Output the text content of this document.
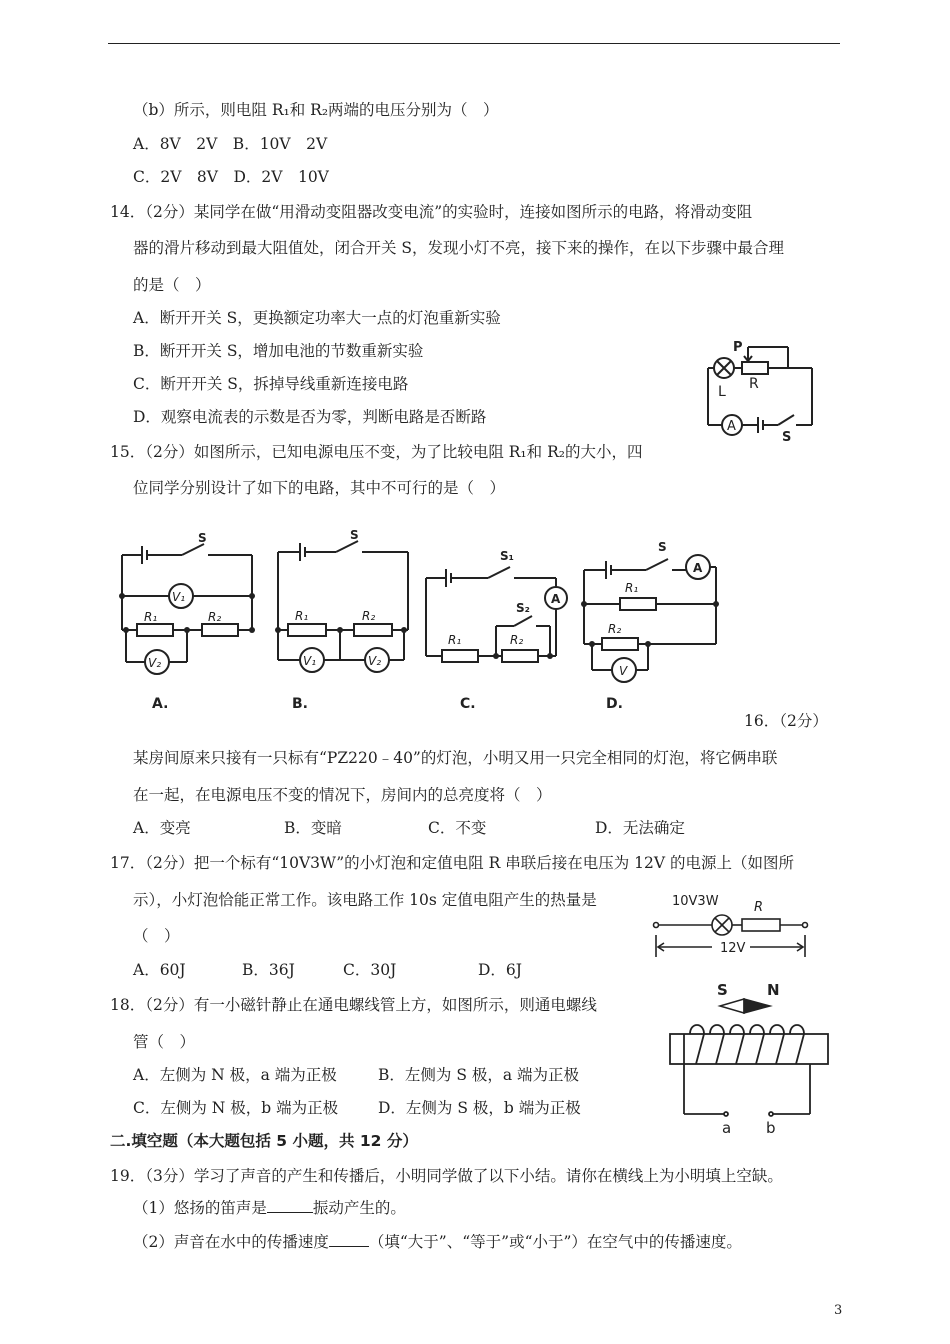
（b）所示，则电阻 R₁和 R₂两端的电压分别为（　）
A．8V　2V　B．10V　2V
C．2V　8V　D．2V　10V
14．（2分）某同学在做“用滑动变阻器改变电流”的实验时，连接如图所示的电路，将滑动变阻
器的滑片移动到最大阻值处，闭合开关 S，发现小灯不亮，接下来的操作，在以下步骤中最合理
的是（　）
A．断开开关 S，更换额定功率大一点的灯泡重新实验
B．断开开关 S，增加电池的节数重新实验
C．断开开关 S，拆掉导线重新连接电路
D．观察电流表的示数是否为零，判断电路是否断路
P
L R
A
S
15．（2分）如图所示，已知电源电压不变，为了比较电阻 R₁和 R₂的大小，四
位同学分别设计了如下的电路，其中不可行的是（　）
S
V₁
V₂
R₁	R₂
A.
S
R₁	R₂
V₁	V₂
B.
S₁
S₂
A
R₁	R₂
C.
S
A
R₁
R₂
V
D.
16．（2分）
某房间原来只接有一只标有“PZ220﹣40”的灯泡，小明又用一只完全相同的灯泡，将它俩串联
在一起，在电源电压不变的情况下，房间内的总亮度将（　）
A．变亮	B．变暗	C．不变	D．无法确定
17．（2分）把一个标有“10V3W”的小灯泡和定值电阻 R 串联后接在电压为 12V 的电源上（如图所
示），小灯泡恰能正常工作。该电路工作 10s 定值电阻产生的热量是
（　）
A．60J	B．36J	C．30J	D．6J
10V3W	R
12V
18．（2分）有一小磁针静止在通电螺线管上方，如图所示，则通电螺线
管（　）
A．左侧为 N 极，a 端为正极	B．左侧为 S 极，a 端为正极
C．左侧为 N 极，b 端为正极	D．左侧为 S 极，b 端为正极
S	N
a b
二.填空题（本大题包括 5 小题，共 12 分）
19．（3分）学习了声音的产生和传播后，小明同学做了以下小结。请你在横线上为小明填上空缺。
（1）悠扬的笛声是	振动产生的。
（2）声音在水中的传播速度	（填“大于”、“等于”或“小于”）在空气中的传播速度。
3
